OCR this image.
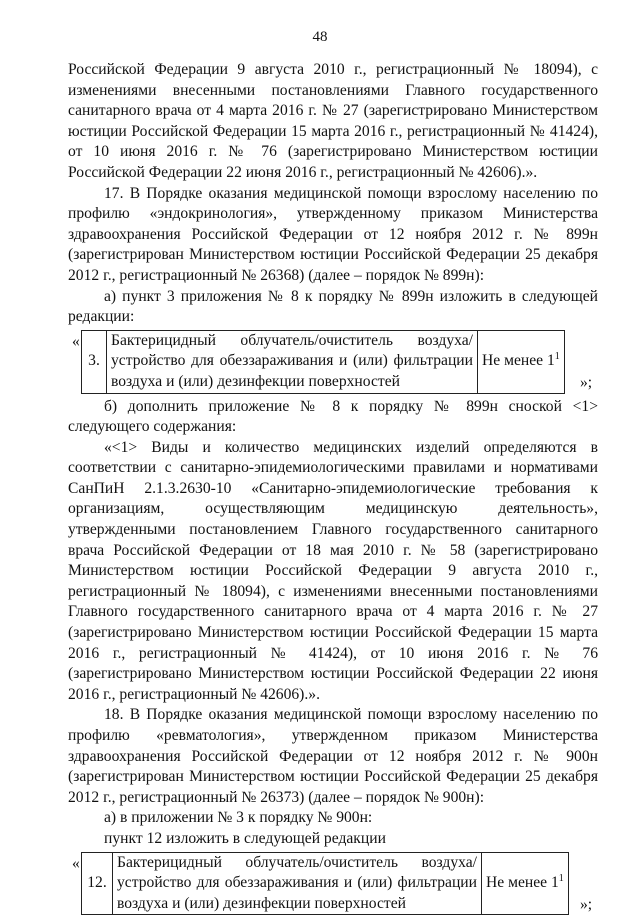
48

Российской Федерации 9 августа 2010 г., регистрационный № 18094), с изменениями внесенными постановлениями Главного государственного санитарного врача от 4 марта 2016 г. № 27 (зарегистрировано Министерством юстиции Российской Федерации 15 марта 2016 г., регистрационный № 41424), от 10 июня 2016 г. № 76 (зарегистрировано Министерством юстиции Российской Федерации 22 июня 2016 г., регистрационный № 42606).».

17. В Порядке оказания медицинской помощи взрослому населению по профилю «эндокринология», утвержденному приказом Министерства здравоохранения Российской Федерации от 12 ноября 2012 г. № 899н (зарегистрирован Министерством юстиции Российской Федерации 25 декабря 2012 г., регистрационный № 26368) (далее – порядок № 899н):

а) пункт 3 приложения № 8 к порядку № 899н изложить в следующей редакции:

«
3.	Бактерицидный облучатель/очиститель воздуха/устройство для обеззараживания и (или) фильтрации воздуха и (или) дезинфекции поверхностей	Не менее $1^1$
»;

б) дополнить приложение № 8 к порядку № 899н сноской <1> следующего содержания:

«<1> Виды и количество медицинских изделий определяются в соответствии с санитарно-эпидемиологическими правилами и нормативами СанПиН 2.1.3.2630-10 «Санитарно-эпидемиологические требования к организациям, осуществляющим медицинскую деятельность», утвержденными постановлением Главного государственного санитарного врача Российской Федерации от 18 мая 2010 г. № 58 (зарегистрировано Министерством юстиции Российской Федерации 9 августа 2010 г., регистрационный № 18094), с изменениями внесенными постановлениями Главного государственного санитарного врача от 4 марта 2016 г. № 27 (зарегистрировано Министерством юстиции Российской Федерации 15 марта 2016 г., регистрационный № 41424), от 10 июня 2016 г. № 76 (зарегистрировано Министерством юстиции Российской Федерации 22 июня 2016 г., регистрационный № 42606).».

18. В Порядке оказания медицинской помощи взрослому населению по профилю «ревматология», утвержденном приказом Министерства здравоохранения Российской Федерации от 12 ноября 2012 г. № 900н (зарегистрирован Министерством юстиции Российской Федерации 25 декабря 2012 г., регистрационный № 26373) (далее – порядок № 900н):

а) в приложении № 3 к порядку № 900н:

пункт 12 изложить в следующей редакции

«
12.	Бактерицидный облучатель/очиститель воздуха/устройство для обеззараживания и (или) фильтрации воздуха и (или) дезинфекции поверхностей	Не менее $1^1$
»;
